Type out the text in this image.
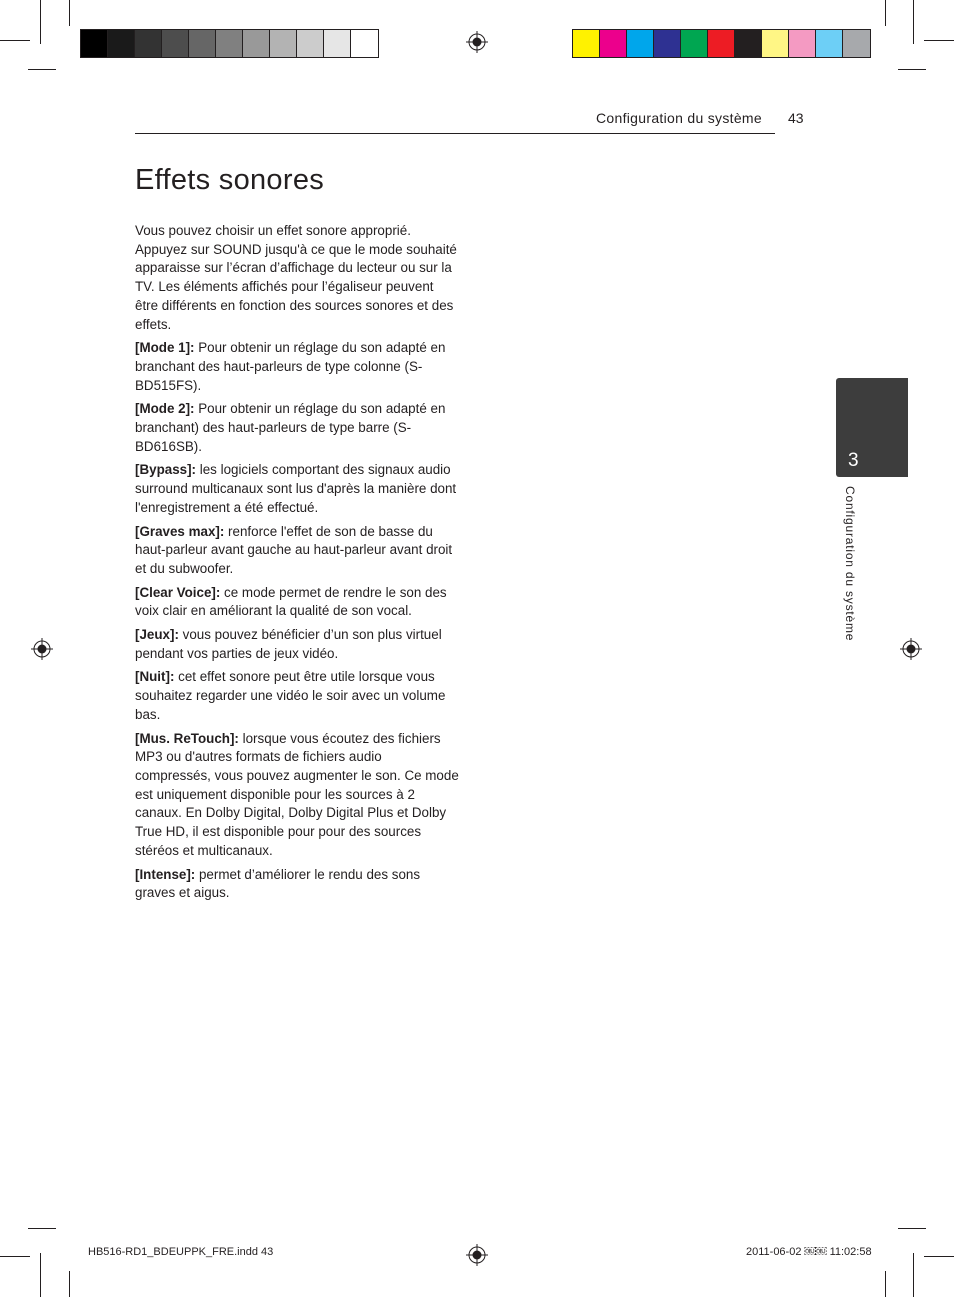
Configuration du système 43
Effets sonores

Vous pouvez choisir un effet sonore approprié. Appuyez sur SOUND jusqu'à ce que le mode souhaité apparaisse sur l’écran d’affichage du lecteur ou sur la TV. Les éléments affichés pour l’égaliseur peuvent être différents en fonction des sources sonores et des effets.

[Mode 1]: Pour obtenir un réglage du son adapté en branchant des haut-parleurs de type colonne (S-BD515FS).

[Mode 2]: Pour obtenir un réglage du son adapté en branchant) des haut-parleurs de type barre (S-BD616SB).

[Bypass]: les logiciels comportant des signaux audio surround multicanaux sont lus d'après la manière dont l'enregistrement a été effectué.

[Graves max]: renforce l'effet de son de basse du haut-parleur avant gauche au haut-parleur avant droit et du subwoofer.

[Clear Voice]: ce mode permet de rendre le son des voix clair en améliorant la qualité de son vocal.

[Jeux]: vous pouvez bénéficier d’un son plus virtuel pendant vos parties de jeux vidéo.

[Nuit]: cet effet sonore peut être utile lorsque vous souhaitez regarder une vidéo le soir avec un volume bas.

[Mus. ReTouch]: lorsque vous écoutez des fichiers MP3 ou d'autres formats de fichiers audio compressés, vous pouvez augmenter le son. Ce mode est uniquement disponible pour les sources à 2 canaux. En Dolby Digital, Dolby Digital Plus et Dolby True HD, il est disponible pour pour des sources stéréos et multicanaux.

[Intense]: permet d’améliorer le rendu des sons graves et aigus.

3
Configuration du système
HB516-RD1_BDEUPPK_FRE.indd 43	2011-06-02 ￼￼ 11:02:58
